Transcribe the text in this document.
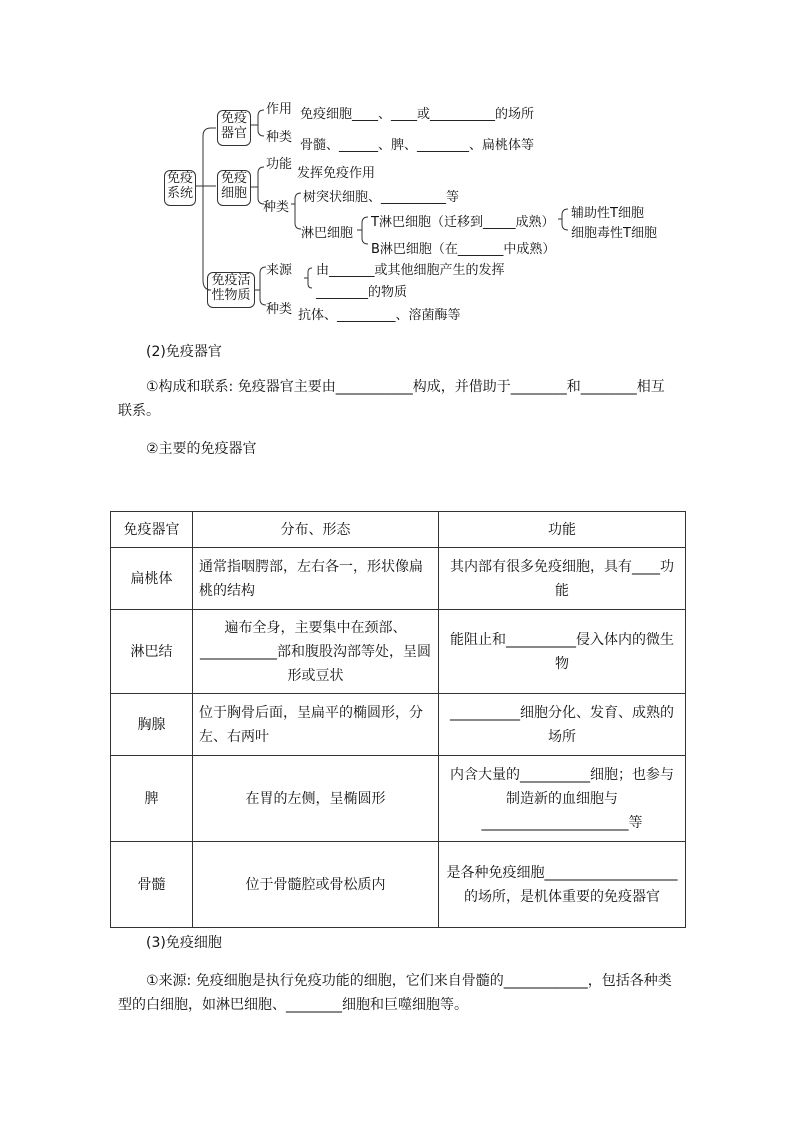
免疫
系统
免疫
器官
作用 免疫细胞____、____或__________的场所
种类
骨髓、______、脾、________、扁桃体等
免疫
细胞
功能
发挥免疫作用
种类
树突状细胞、__________等
淋巴细胞
T淋巴细胞（迁移到_____成熟）
B淋巴细胞（在_______中成熟）
辅助性T细胞
细胞毒性T细胞
免疫活
性物质
来源 由_______或其他细胞产生的发挥
________的物质
种类 抗体、_________、溶菌酶等
(2)免疫器官
①构成和联系: 免疫器官主要由___________构成，并借助于________和________相互联系。
②主要的免疫器官
免疫器官	分布、形态	功能
扁桃体	通常指咽腭部，左右各一，形状像扁桃的结构	其内部有很多免疫细胞，具有____功能
淋巴结	遍布全身，主要集中在颈部、___________部和腹股沟部等处，呈圆形或豆状	能阻止和__________侵入体内的微生物
胸腺	位于胸骨后面，呈扁平的椭圆形，分左、右两叶	__________细胞分化、发育、成熟的场所
脾	在胃的左侧，呈椭圆形	内含大量的__________细胞；也参与制造新的血细胞与_____________________等
骨髓	位于骨髓腔或骨松质内	是各种免疫细胞___________________的场所，是机体重要的免疫器官
(3)免疫细胞
①来源: 免疫细胞是执行免疫功能的细胞，它们来自骨髓的____________，包括各种类型的白细胞，如淋巴细胞、________细胞和巨噬细胞等。
